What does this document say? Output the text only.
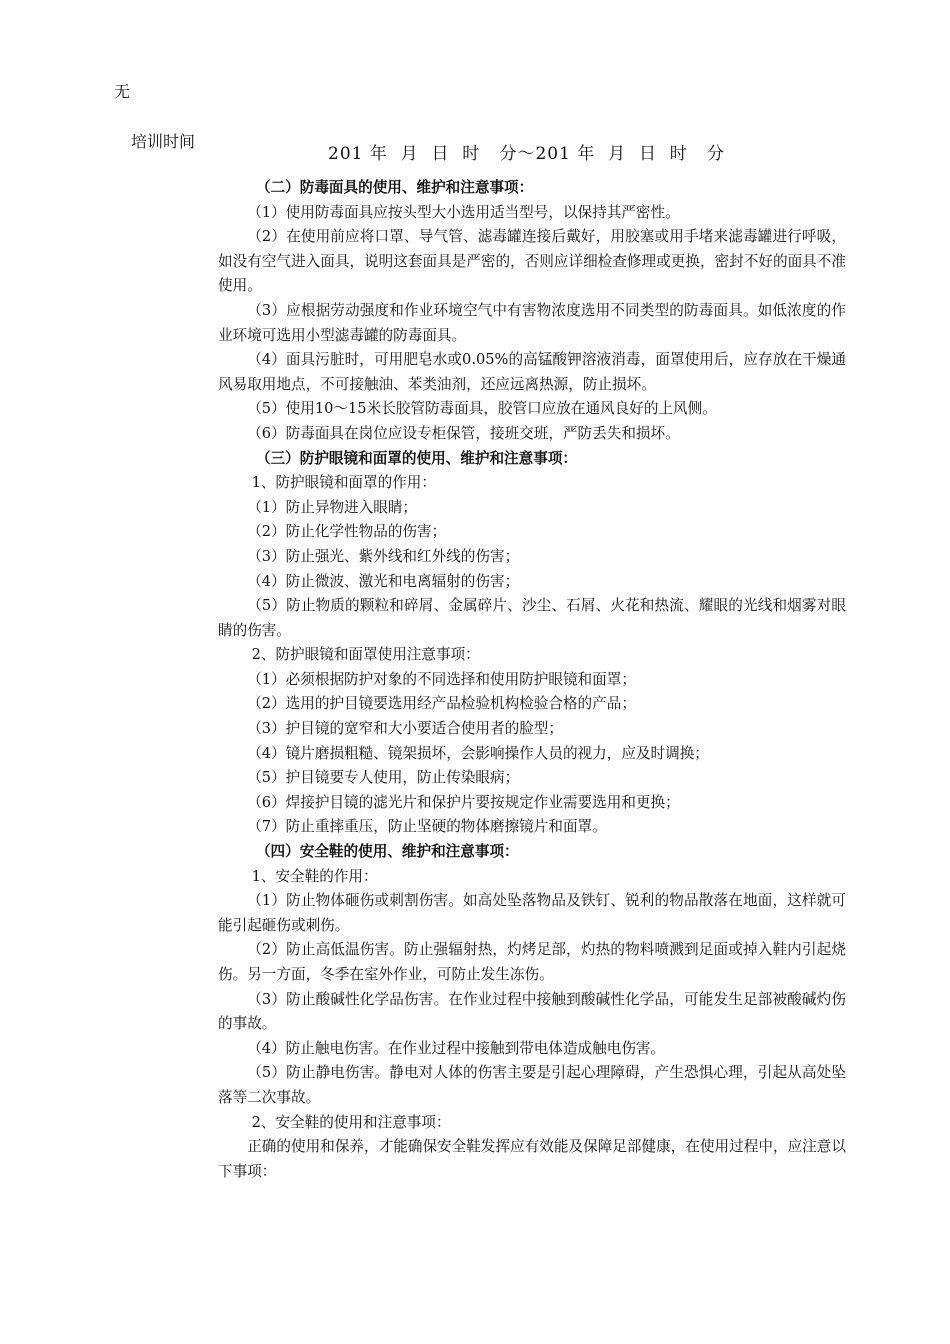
无
培训时间
201 年  月  日  时   分～201 年  月  日  时   分

（二）防毒面具的使用、维护和注意事项：

（1）使用防毒面具应按头型大小选用适当型号，以保持其严密性。

（2）在使用前应将口罩、导气管、滤毒罐连接后戴好，用胶塞或用手堵来滤毒罐进行呼吸，如没有空气进入面具，说明这套面具是严密的，否则应详细检查修理或更换，密封不好的面具不准使用。

（3）应根据劳动强度和作业环境空气中有害物浓度选用不同类型的防毒面具。如低浓度的作业环境可选用小型滤毒罐的防毒面具。

（4）面具污脏时，可用肥皂水或0.05%的高锰酸钾溶液消毒，面罩使用后，应存放在干燥通风易取用地点，不可接触油、苯类油剂，还应远离热源，防止损坏。

（5）使用10～15米长胶管防毒面具，胶管口应放在通风良好的上风侧。

（6）防毒面具在岗位应设专柜保管，接班交班，严防丢失和损坏。

（三）防护眼镜和面罩的使用、维护和注意事项：

1、防护眼镜和面罩的作用：

（1）防止异物进入眼睛；

（2）防止化学性物品的伤害；

（3）防止强光、紫外线和红外线的伤害；

（4）防止微波、激光和电离辐射的伤害；

（5）防止物质的颗粒和碎屑、金属碎片、沙尘、石屑、火花和热流、耀眼的光线和烟雾对眼睛的伤害。

2、防护眼镜和面罩使用注意事项：

（1）必须根据防护对象的不同选择和使用防护眼镜和面罩；

（2）选用的护目镜要选用经产品检验机构检验合格的产品；

（3）护目镜的宽窄和大小要适合使用者的脸型；

（4）镜片磨损粗糙、镜架损坏，会影响操作人员的视力，应及时调换；

（5）护目镜要专人使用，防止传染眼病；

（6）焊接护目镜的滤光片和保护片要按规定作业需要选用和更换；

（7）防止重摔重压，防止坚硬的物体磨擦镜片和面罩。

（四）安全鞋的使用、维护和注意事项：

1、安全鞋的作用：

（1）防止物体砸伤或刺割伤害。如高处坠落物品及铁钉、锐利的物品散落在地面，这样就可能引起砸伤或刺伤。

（2）防止高低温伤害。防止强辐射热，灼烤足部，灼热的物料喷溅到足面或掉入鞋内引起烧伤。另一方面，冬季在室外作业，可防止发生冻伤。

（3）防止酸碱性化学品伤害。在作业过程中接触到酸碱性化学品，可能发生足部被酸碱灼伤的事故。

（4）防止触电伤害。在作业过程中接触到带电体造成触电伤害。

（5）防止静电伤害。静电对人体的伤害主要是引起心理障碍，产生恐惧心理，引起从高处坠落等二次事故。

2、安全鞋的使用和注意事项：

正确的使用和保养，才能确保安全鞋发挥应有效能及保障足部健康，在使用过程中，应注意以下事项：
